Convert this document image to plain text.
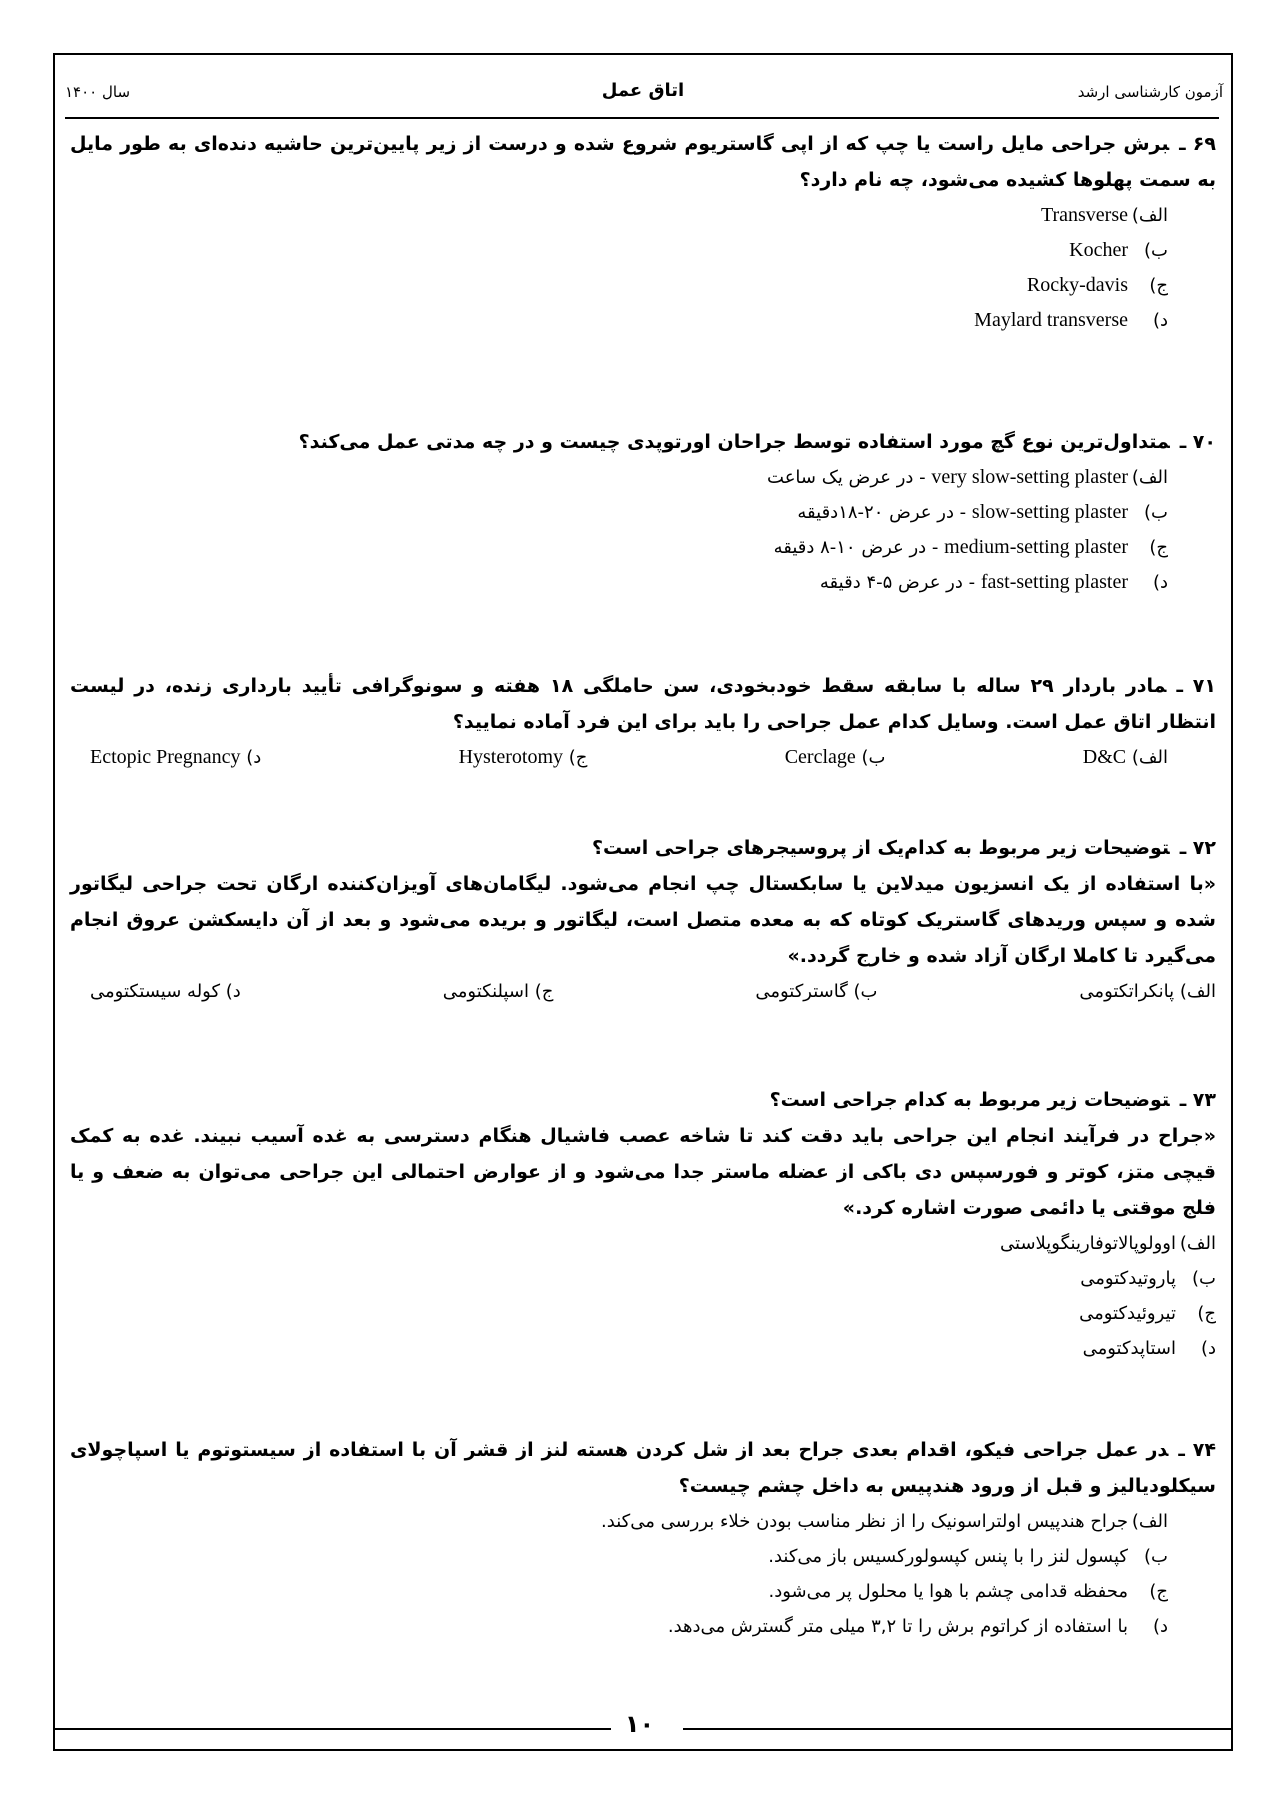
آزمون کارشناسی ارشد
اتاق عمل
سال ۱۴۰۰
۶۹ ـبرش جراحی مایل راست یا چپ که از اپی گاستریوم شروع شده و درست از زیر پایین‌ترین حاشیه دنده‌ای به طور مایل به سمت پهلوها کشیده می‌شود، چه نام دارد؟
الف)Transverse
ب)Kocher
ج)Rocky-davis
د)Maylard transverse
۷۰ ـمتداول‌ترین نوع گچ مورد استفاده توسط جراحان اورتوپدی چیست و در چه مدتی عمل می‌کند؟
الف)very slow-setting plaster - در عرض یک ساعت
ب)slow-setting plaster - در عرض ۲۰-۱۸دقیقه
ج)medium-setting plaster - در عرض ۱۰-۸ دقیقه
د)fast-setting plaster - در عرض ۵-۴ دقیقه
۷۱ ـمادر باردار ۲۹ ساله با سابقه سقط خودبخودی، سن حاملگی ۱۸ هفته و سونوگرافی تأیید بارداری زنده، در لیست انتظار اتاق عمل است. وسایل کدام عمل جراحی را باید برای این فرد آماده نمایید؟
الف) D&C
ب) Cerclage
ج) Hysterotomy
د) Ectopic Pregnancy
۷۲ ـتوضیحات زیر مربوط به کدام‌یک از پروسیجرهای جراحی است؟
«با استفاده از یک انسزیون میدلاین یا سابکستال چپ انجام می‌شود. لیگامان‌های آویزان‌کننده ارگان تحت جراحی لیگاتور شده و سپس وریدهای گاستریک کوتاه که به معده متصل است، لیگاتور و بریده می‌شود و بعد از آن دایسکشن عروق انجام می‌گیرد تا کاملا ارگان آزاد شده و خارج گردد.»
الف) پانکراتکتومی
ب) گاسترکتومی
ج) اسپلنکتومی
د) کوله سیستکتومی
۷۳ ـتوضیحات زیر مربوط به کدام جراحی است؟
«جراح در فرآیند انجام این جراحی باید دقت کند تا شاخه عصب فاشیال هنگام دسترسی به غده آسیب نبیند. غده به کمک قیچی متز، کوتر و فورسپس دی باکی از عضله ماستر جدا می‌شود و از عوارض احتمالی این جراحی می‌توان به ضعف و یا فلج موقتی یا دائمی صورت اشاره کرد.»
الف)اوولوپالاتوفارینگوپلاستی
ب)پاروتیدکتومی
ج)تیروئیدکتومی
د)استاپدکتومی
۷۴ ـدر عمل جراحی فیکو، اقدام بعدی جراح بعد از شل کردن هسته لنز از قشر آن با استفاده از سیستوتوم یا اسپاچولای سیکلودیالیز و قبل از ورود هندپیس به داخل چشم چیست؟
الف)جراح هندپیس اولتراسونیک را از نظر مناسب بودن خلاء بررسی می‌کند.
ب)کپسول لنز را با پنس کپسولورکسیس باز می‌کند.
ج)محفظه قدامی چشم با هوا یا محلول پر می‌شود.
د)با استفاده از کراتوم برش را تا ۳,۲ میلی متر گسترش می‌دهد.
۱۰
